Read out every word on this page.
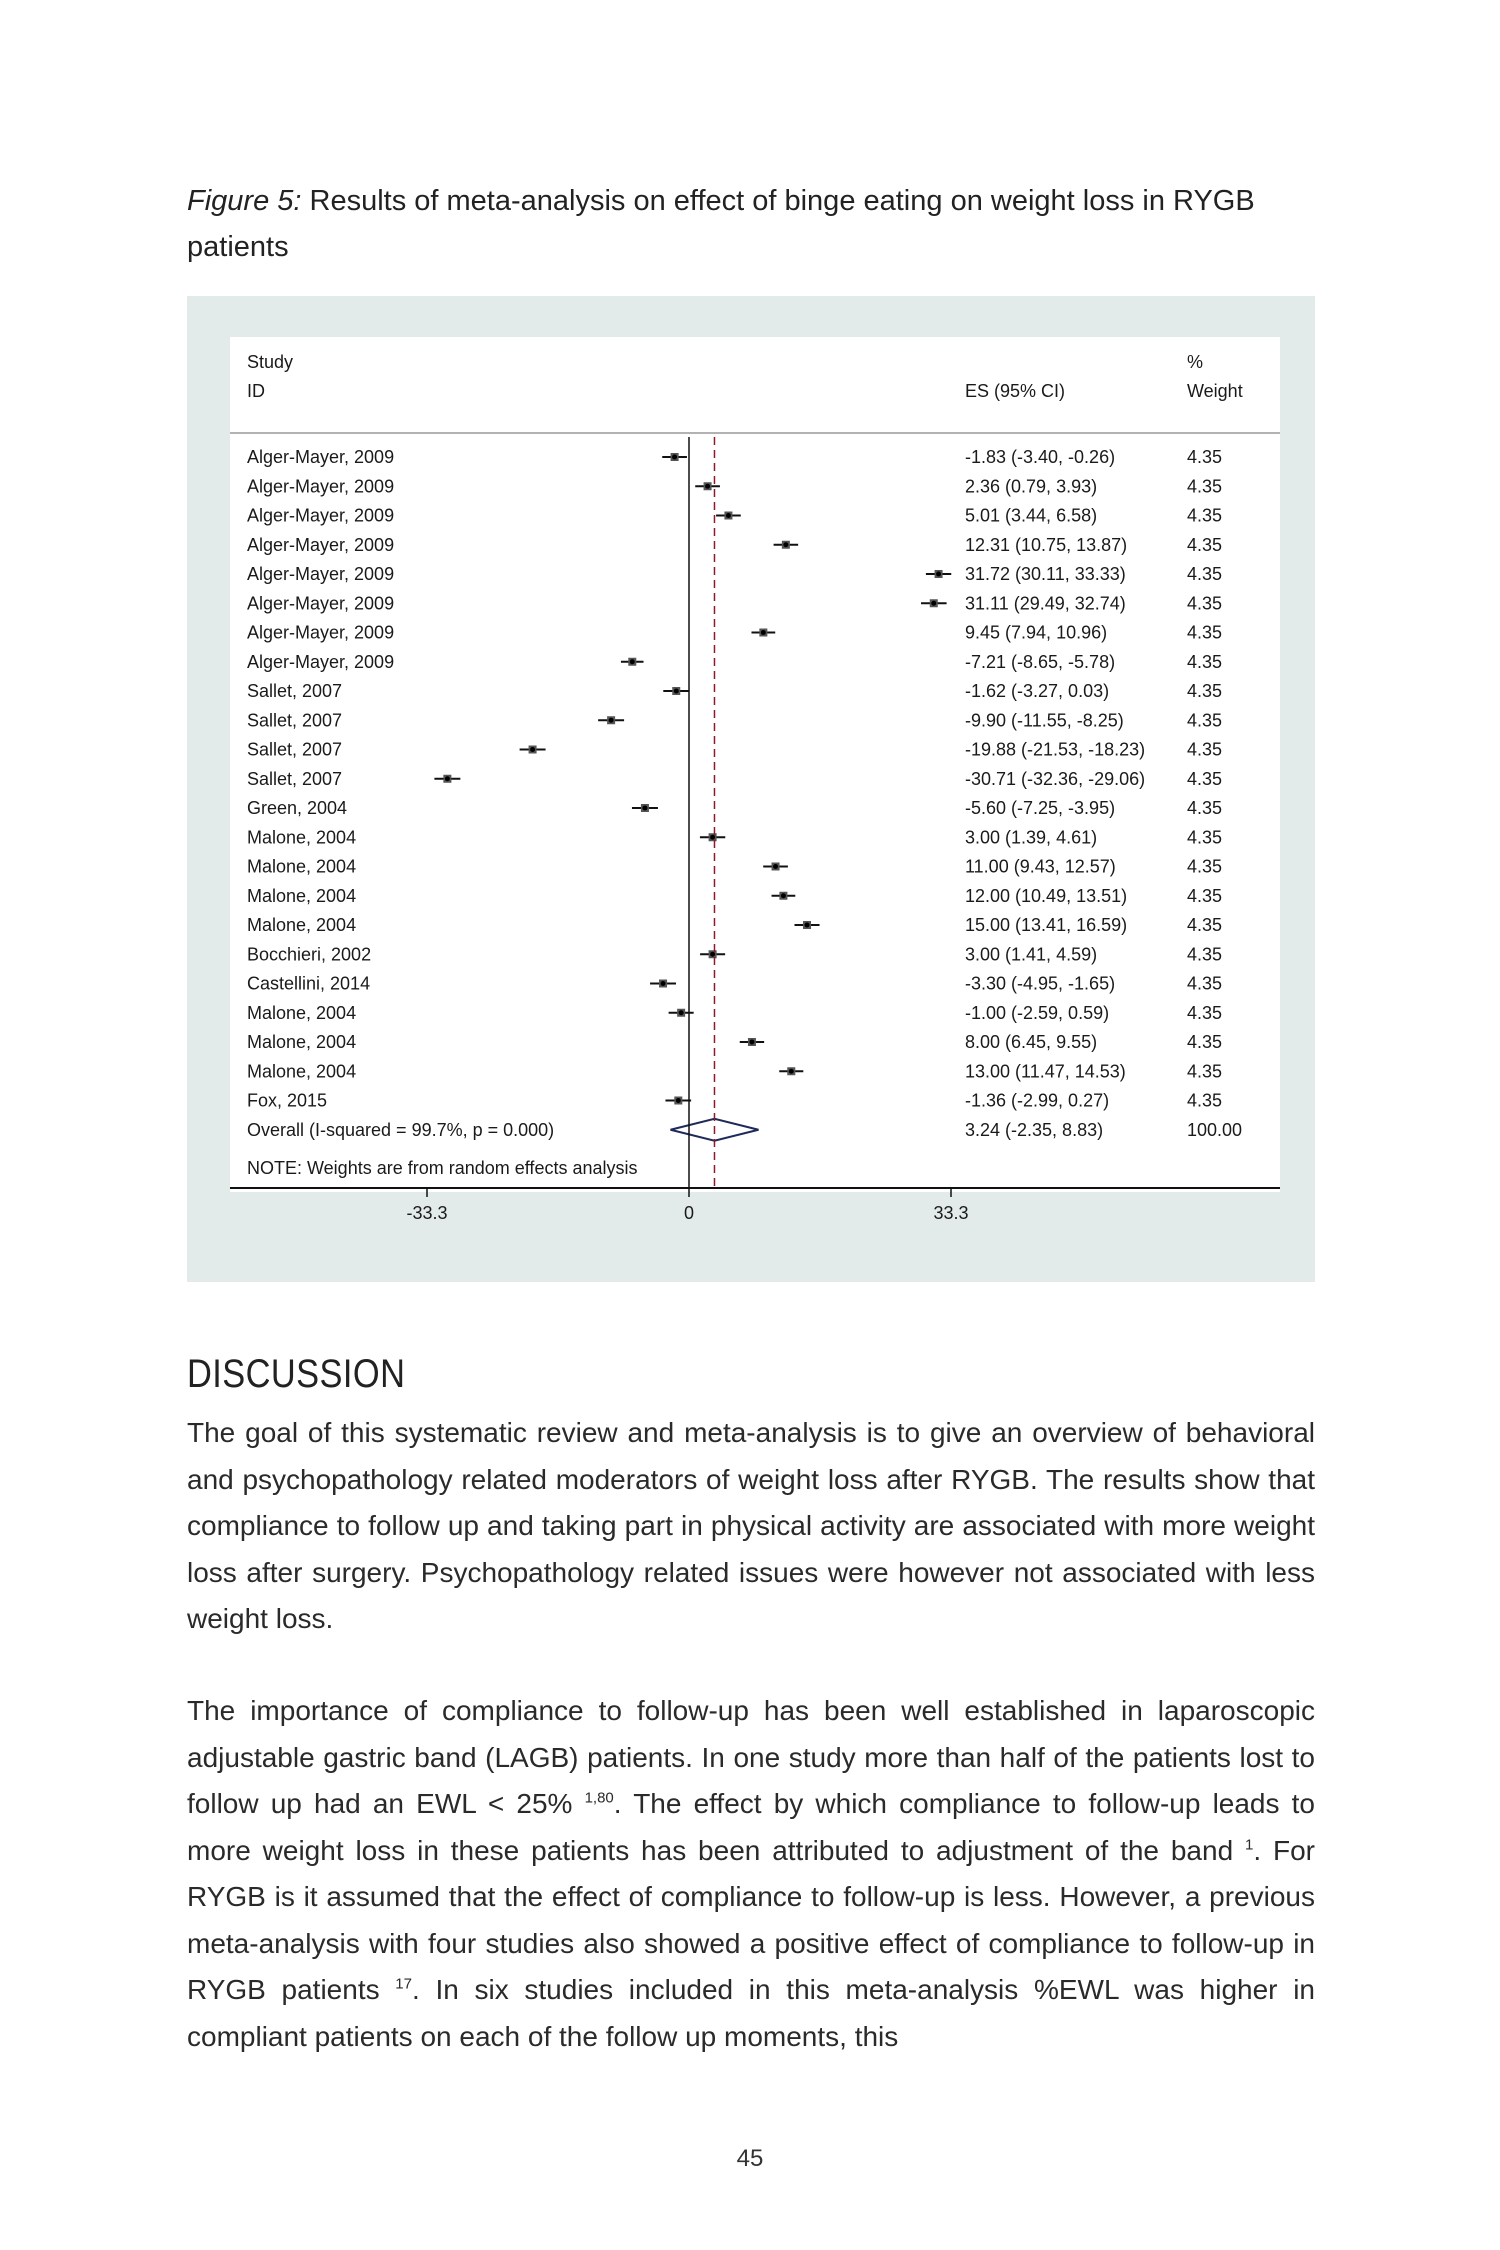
Figure 5: Results of meta-analysis on effect of binge eating on weight loss in RYGB patients
Study
ID	ES (95% CI)
%
Weight
Alger-Mayer, 2009	-1.83 (-3.40, -0.26)	4.35
Alger-Mayer, 2009	2.36 (0.79, 3.93)	4.35
Alger-Mayer, 2009	5.01 (3.44, 6.58)	4.35
Alger-Mayer, 2009	12.31 (10.75, 13.87)	4.35
Alger-Mayer, 2009	31.72 (30.11, 33.33)	4.35
Alger-Mayer, 2009	31.11 (29.49, 32.74)	4.35
Alger-Mayer, 2009	9.45 (7.94, 10.96)	4.35
Alger-Mayer, 2009	-7.21 (-8.65, -5.78)	4.35
Sallet, 2007	-1.62 (-3.27, 0.03)	4.35
Sallet, 2007	-9.90 (-11.55, -8.25)	4.35
Sallet, 2007	-19.88 (-21.53, -18.23) 4.35
Sallet, 2007	-30.71 (-32.36, -29.06) 4.35
Green, 2004	-5.60 (-7.25, -3.95)	4.35
Malone, 2004	3.00 (1.39, 4.61)	4.35
Malone, 2004	11.00 (9.43, 12.57)	4.35
Malone, 2004	12.00 (10.49, 13.51)	4.35
Malone, 2004	15.00 (13.41, 16.59)	4.35
Bocchieri, 2002	3.00 (1.41, 4.59)	4.35
Castellini, 2014	-3.30 (-4.95, -1.65)	4.35
Malone, 2004	-1.00 (-2.59, 0.59)	4.35
Malone, 2004	8.00 (6.45, 9.55)	4.35
Malone, 2004	13.00 (11.47, 14.53)	4.35
Fox, 2015	-1.36 (-2.99, 0.27)	4.35
Overall (I-squared = 99.7%, p = 0.000)	3.24 (-2.35, 8.83)	100.00
NOTE: Weights are from random effects analysis
-33.3	0	33.3
DISCUSSION

The goal of this systematic review and meta-analysis is to give an overview of behavioral and psychopathology related moderators of weight loss after RYGB. The results show that compliance to follow up and taking part in physical activity are associated with more weight loss after surgery. Psychopathology related issues were however not associated with less weight loss.

The importance of compliance to follow-up has been well established in laparoscopic adjustable gastric band (LAGB) patients. In one study more than half of the patients lost to follow up had an EWL < 25% $^{1,80}$. The effect by which compliance to follow-up leads to more weight loss in these patients has been attributed to adjustment of the band $^1$. For RYGB is it assumed that the effect of compliance to follow-up is less. However, a previous meta-analysis with four studies also showed a positive effect of compliance to follow-up in RYGB patients $^{17}$. In six studies included in this meta-analysis %EWL was higher in compliant patients on each of the follow up moments, this

45
